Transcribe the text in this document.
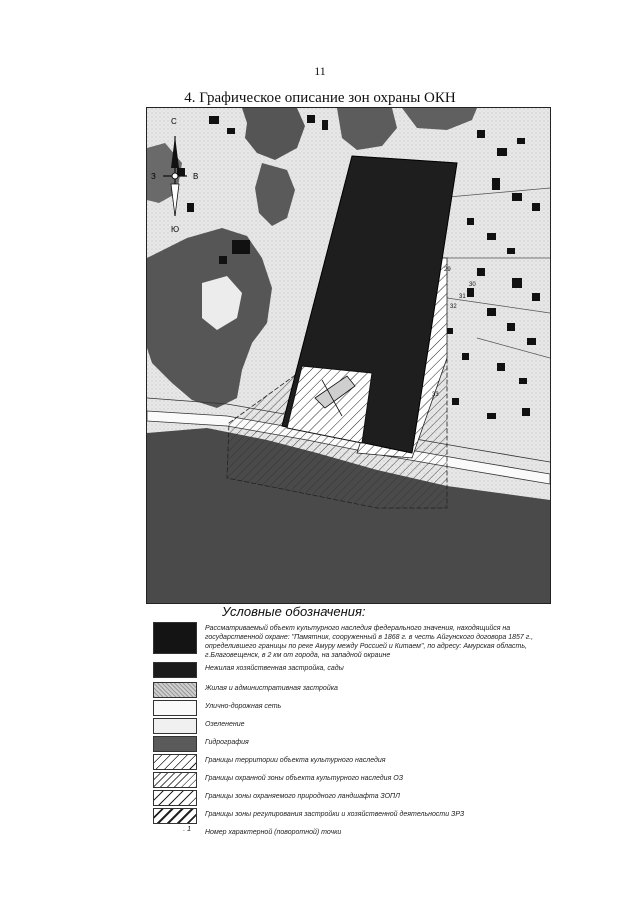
11
4. Графическое описание зон охраны ОКН
С
Ю
З	В
29
30
31
32
33
Условные обозначения:
Рассматриваемый объект культурного наследия федерального значения, находящийся на государственной охране: "Памятник, сооруженный в 1868 г. в честь Айгунского договора 1857 г., определившего границы по реке Амуру между Россией и Китаем", по адресу: Амурская область, г.Благовещенск, в 2 км от города, на западной окраине
Нежилая хозяйственная застройка, сады
Жилая и административная застройка
Улично-дорожная сеть
Озеленение
Гидрография
Границы территории объекта культурного наследия
Границы охранной зоны объекта культурного наследия ОЗ
Границы зоны охраняемого природного ландшафта ЗОПЛ
Границы зоны регулирования застройки и хозяйственной деятельности ЗРЗ
. 1	Номер характерной (поворотной) точки
